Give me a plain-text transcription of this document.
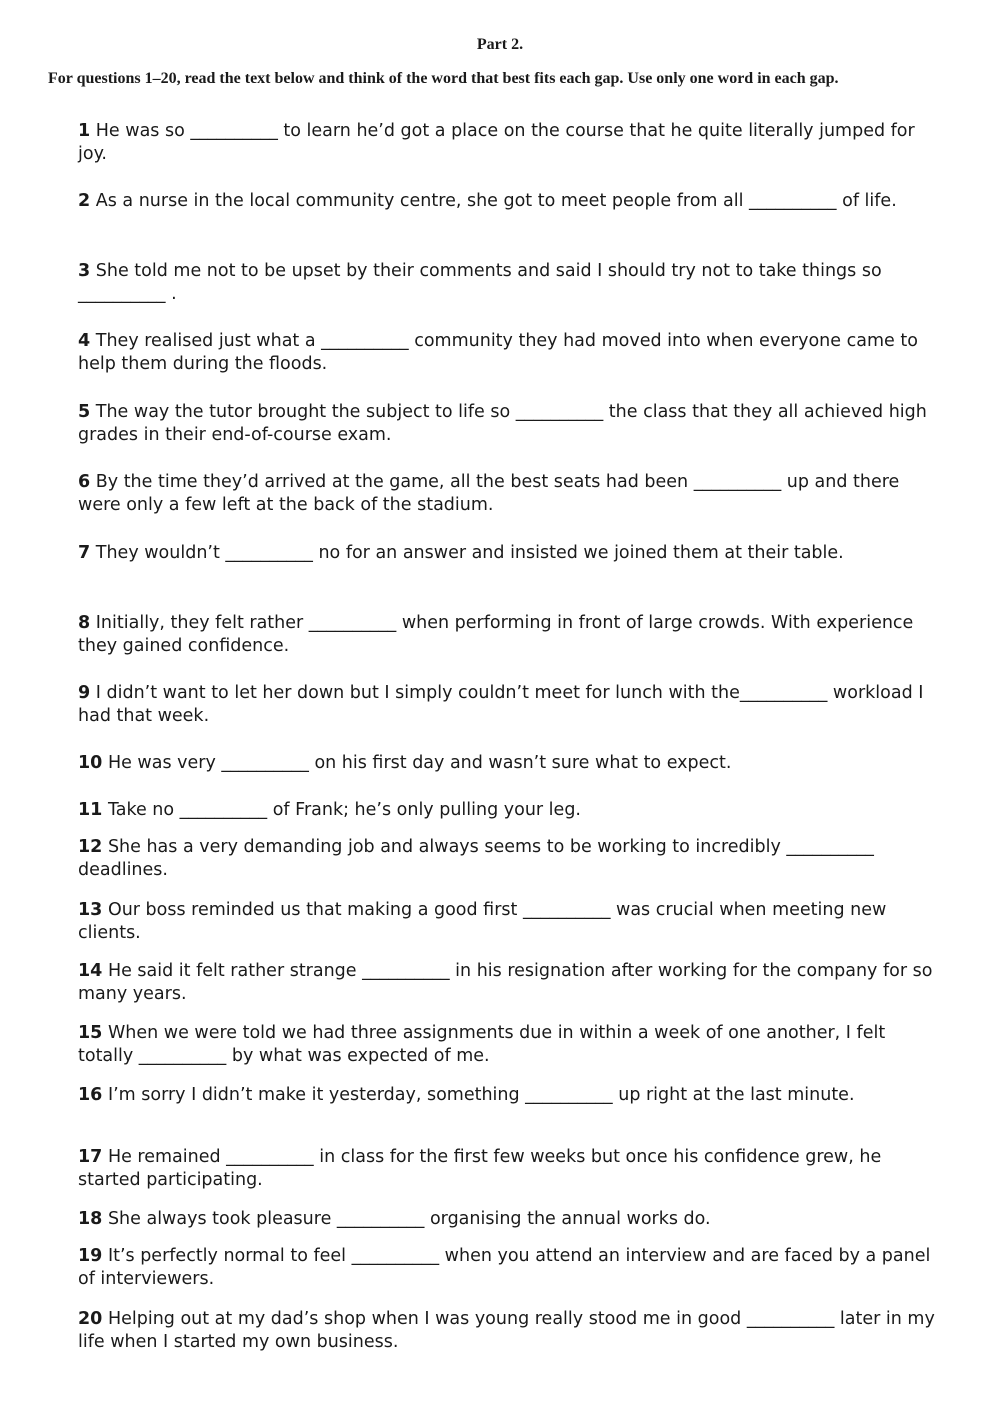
Part 2.
For questions 1–20, read the text below and think of the word that best fits each gap. Use only one word in each gap.
1 He was so __________ to learn he’d got a place on the course that he quite literally jumped for joy.
2 As a nurse in the local community centre, she got to meet people from all __________ of life.
3 She told me not to be upset by their comments and said I should try not to take things so __________ .
4 They realised just what a __________ community they had moved into when everyone came to help them during the floods.
5 The way the tutor brought the subject to life so __________ the class that they all achieved high grades in their end-of-course exam.
6 By the time they’d arrived at the game, all the best seats had been __________ up and there were only a few left at the back of the stadium.
7 They wouldn’t __________ no for an answer and insisted we joined them at their table.
8 Initially, they felt rather __________ when performing in front of large crowds. With experience they gained confidence.
9 I didn’t want to let her down but I simply couldn’t meet for lunch with the__________ workload I had that week.
10 He was very __________ on his first day and wasn’t sure what to expect.
11 Take no __________ of Frank; he’s only pulling your leg.
12 She has a very demanding job and always seems to be working to incredibly __________ deadlines.
13 Our boss reminded us that making a good first __________ was crucial when meeting new clients.
14 He said it felt rather strange __________ in his resignation after working for the company for so many years.
15 When we were told we had three assignments due in within a week of one another, I felt totally __________ by what was expected of me.
16 I’m sorry I didn’t make it yesterday, something __________ up right at the last minute.
17 He remained __________ in class for the first few weeks but once his confidence grew, he started participating.
18 She always took pleasure __________ organising the annual works do.
19 It’s perfectly normal to feel __________ when you attend an interview and are faced by a panel of interviewers.
20 Helping out at my dad’s shop when I was young really stood me in good __________ later in my life when I started my own business.
